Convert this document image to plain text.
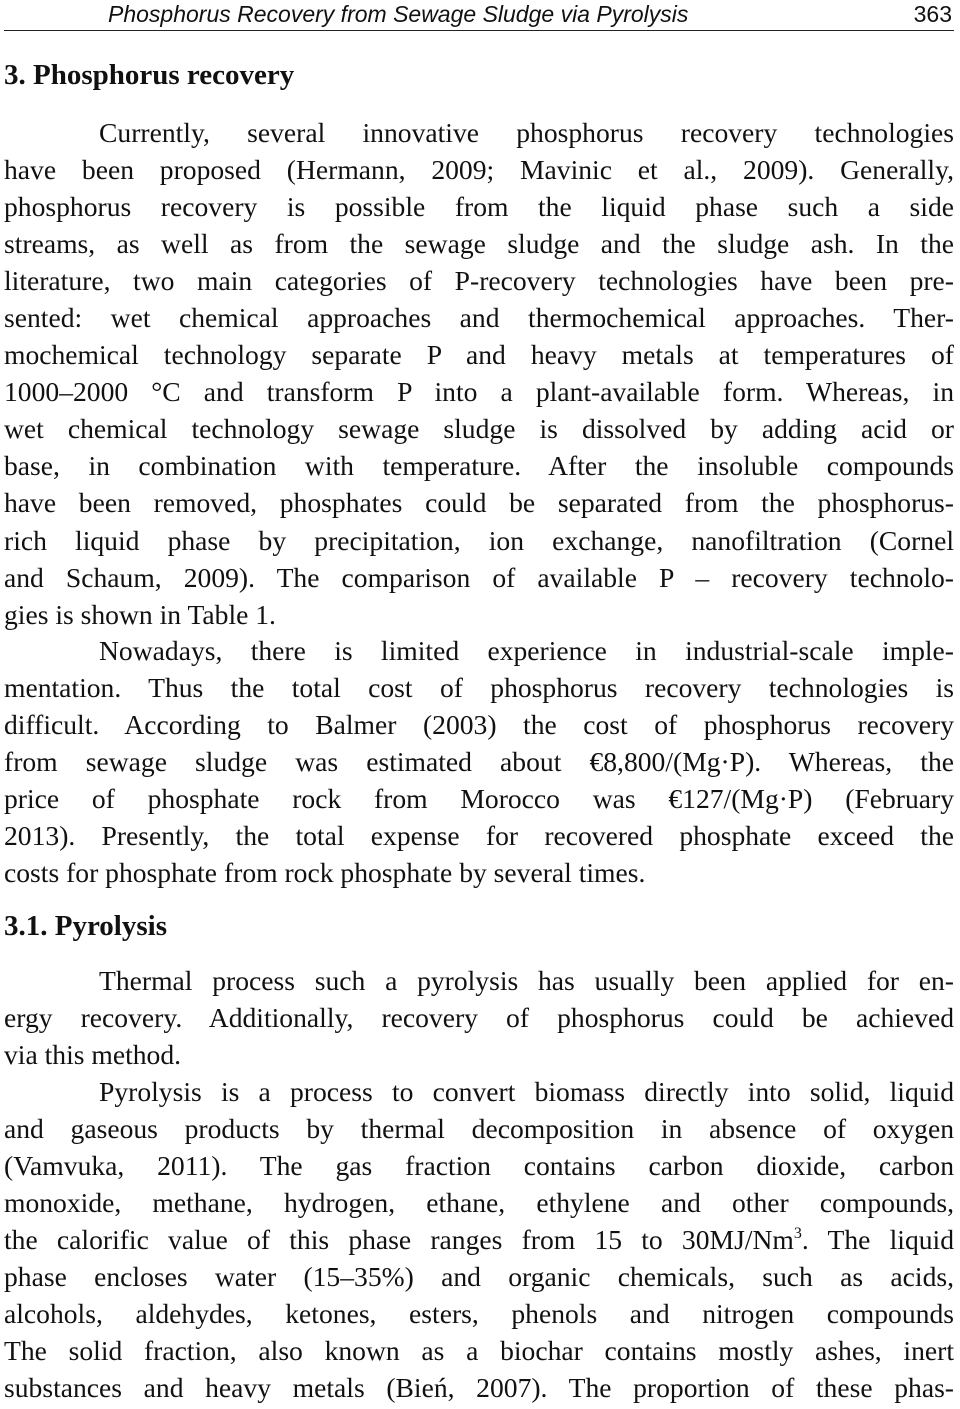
Phosphorus Recovery from Sewage Sludge via Pyrolysis	363
3. Phosphorus recovery
Currently, several innovative phosphorus recovery technologies
have been proposed (Hermann, 2009; Mavinic et al., 2009). Generally,
phosphorus recovery is possible from the liquid phase such a side
streams, as well as from the sewage sludge and the sludge ash. In the
literature, two main categories of P-recovery technologies have been pre-
sented: wet chemical approaches and thermochemical approaches. Ther-
mochemical technology separate P and heavy metals at temperatures of
1000–2000 °C and transform P into a plant-available form. Whereas, in
wet chemical technology sewage sludge is dissolved by adding acid or
base, in combination with temperature. After the insoluble compounds
have been removed, phosphates could be separated from the phosphorus-
rich liquid phase by precipitation, ion exchange, nanofiltration (Cornel
and Schaum, 2009). The comparison of available P – recovery technolo-
gies is shown in Table 1.
Nowadays, there is limited experience in industrial-scale imple-
mentation. Thus the total cost of phosphorus recovery technologies is
difficult. According to Balmer (2003) the cost of phosphorus recovery
from sewage sludge was estimated about €8,800/(Mg·P). Whereas, the
price of phosphate rock from Morocco was €127/(Mg·P) (February
2013). Presently, the total expense for recovered phosphate exceed the
costs for phosphate from rock phosphate by several times.
3.1. Pyrolysis
Thermal process such a pyrolysis has usually been applied for en-
ergy recovery. Additionally, recovery of phosphorus could be achieved
via this method.
Pyrolysis is a process to convert biomass directly into solid, liquid
and gaseous products by thermal decomposition in absence of oxygen
(Vamvuka, 2011). The gas fraction contains carbon dioxide, carbon
monoxide, methane, hydrogen, ethane, ethylene and other compounds,
the calorific value of this phase ranges from 15 to 30MJ/Nm$^3$. The liquid
phase encloses water (15–35%) and organic chemicals, such as acids,
alcohols, aldehydes, ketones, esters, phenols and nitrogen compounds
The solid fraction, also known as a biochar contains mostly ashes, inert
substances and heavy metals (Bień, 2007). The proportion of these phas-
